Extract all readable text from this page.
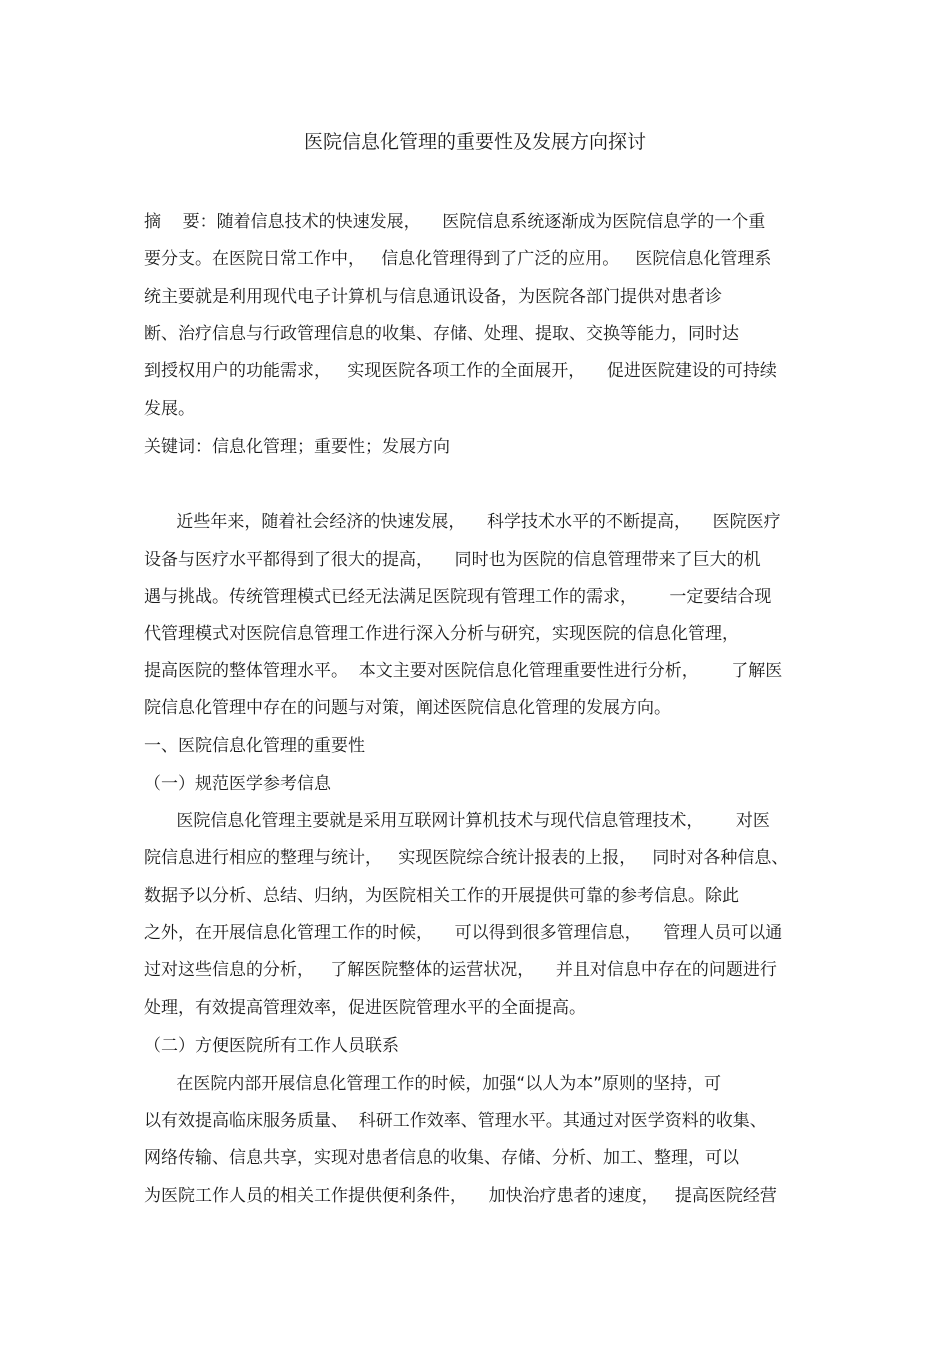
医院信息化管理的重要性及发展方向探讨
摘    要：随着信息技术的快速发展，    医院信息系统逐渐成为医院信息学的一个重
要分支。在医院日常工作中，   信息化管理得到了广泛的应用。   医院信息化管理系
统主要就是利用现代电子计算机与信息通讯设备，为医院各部门提供对患者诊
断、治疗信息与行政管理信息的收集、存储、处理、提取、交换等能力，同时达
到授权用户的功能需求，   实现医院各项工作的全面展开，    促进医院建设的可持续
发展。
关键词：信息化管理；重要性；发展方向
近些年来，随着社会经济的快速发展，    科学技术水平的不断提高，    医院医疗
设备与医疗水平都得到了很大的提高，    同时也为医院的信息管理带来了巨大的机
遇与挑战。传统管理模式已经无法满足医院现有管理工作的需求，      一定要结合现
代管理模式对医院信息管理工作进行深入分析与研究，实现医院的信息化管理，
提高医院的整体管理水平。  本文主要对医院信息化管理重要性进行分析，      了解医
院信息化管理中存在的问题与对策，阐述医院信息化管理的发展方向。
一、医院信息化管理的重要性
（一）规范医学参考信息
医院信息化管理主要就是采用互联网计算机技术与现代信息管理技术，      对医
院信息进行相应的整理与统计，   实现医院综合统计报表的上报，   同时对各种信息、
数据予以分析、总结、归纳，为医院相关工作的开展提供可靠的参考信息。除此
之外，在开展信息化管理工作的时候，    可以得到很多管理信息，    管理人员可以通
过对这些信息的分析，   了解医院整体的运营状况，    并且对信息中存在的问题进行
处理，有效提高管理效率，促进医院管理水平的全面提高。
（二）方便医院所有工作人员联系
在医院内部开展信息化管理工作的时候，加强“以人为本”原则的坚持，可
以有效提高临床服务质量、  科研工作效率、管理水平。其通过对医学资料的收集、
网络传输、信息共享，实现对患者信息的收集、存储、分析、加工、整理，可以
为医院工作人员的相关工作提供便利条件，    加快治疗患者的速度，   提高医院经营
